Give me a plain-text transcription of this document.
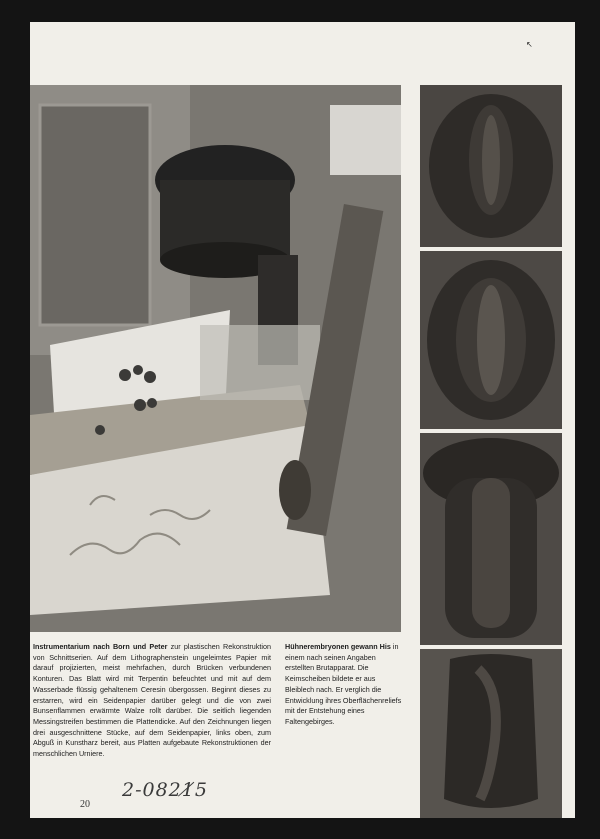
Instrumentarium nach Born und Peter zur plastischen Rekonstruktion von Schnittserien. Auf dem Lithographenstein ungeleimtes Papier mit darauf projizierten, meist mehrfachen, durch Brücken verbundenen Konturen. Das Blatt wird mit Terpentin befeuchtet und mit auf dem Wasserbade flüssig gehaltenem Ceresin übergossen. Beginnt dieses zu erstarren, wird ein Seidenpapier darüber gelegt und die von zwei Bunsenflammen erwärmte Walze rollt darüber. Die seitlich liegenden Messingstreifen bestimmen die Plattendicke. Auf den Zeichnungen liegen drei ausgeschnittene Stücke, auf dem Seidenpapier, links oben, zum Abguß in Kunstharz bereit, aus Platten aufgebaute Rekonstruktionen der menschlichen Urniere.
Hühnerembryonen gewann His in einem nach seinen Angaben erstellten Brutapparat. Die Keimscheiben bildete er aus Bleiblech nach. Er verglich die Entwicklung ihres Oberflächenreliefs mit der Entstehung eines Faltengebirges.
20
2-0821̸5
↖
